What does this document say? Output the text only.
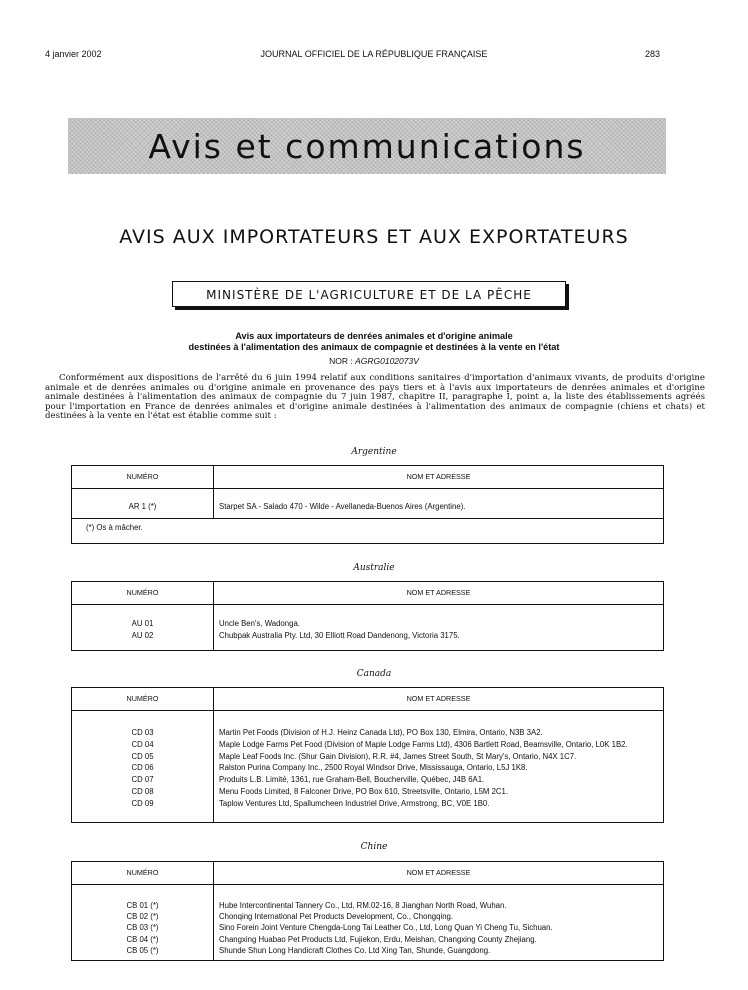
4 janvier 2002	JOURNAL OFFICIEL DE LA RÉPUBLIQUE FRANÇAISE	283
Avis et communications
AVIS AUX IMPORTATEURS ET AUX EXPORTATEURS
MINISTÈRE DE L'AGRICULTURE ET DE LA PÊCHE
Avis aux importateurs de denrées animales et d'origine animale
destinées à l'alimentation des animaux de compagnie et destinées à la vente en l'état
NOR : AGRG0102073V
Conformément aux dispositions de l'arrêté du 6 juin 1994 relatif aux conditions sanitaires d'importation d'animaux vivants, de produits d'origine animale et de denrées animales ou d'origine animale en provenance des pays tiers et à l'avis aux importateurs de denrées animales et d'origine animale destinées à l'alimentation des animaux de compagnie du 7 juin 1987, chapitre II, paragraphe I, point a, la liste des établissements agréés pour l'importation en France de denrées animales et d'origine animale destinées à l'alimentation des animaux de compagnie (chiens et chats) et destinées à la vente en l'état est établie comme suit :
Argentine
NUMÉRO	NOM ET ADRESSE
AR 1 (*)	Starpet SA - Salado 470 - Wilde - Avellaneda-Buenos Aires (Argentine).
(*) Os à mâcher.
Australie
NUMÉRO	NOM ET ADRESSE
AU 01	Uncle Ben's, Wadonga.
AU 02	Chubpak Australia Pty. Ltd, 30 Elliott Road Dandenong, Victoria 3175.
Canada
NUMÉRO	NOM ET ADRESSE
CD 03	Martin Pet Foods (Division of H.J. Heinz Canada Ltd), PO Box 130, Elmira, Ontario, N3B 3A2.
CD 04	Maple Lodge Farms Pet Food (Division of Maple Lodge Farms Ltd), 4306 Bartlett Road, Beamsville, Ontario, L0K 1B2.
CD 05	Maple Leaf Foods Inc. (Shur Gain Division), R.R. #4, James Street South, St Mary's, Ontario, N4X 1C7.
CD 06	Ralston Purina Company Inc., 2500 Royal Windsor Drive, Mississauga, Ontario, L5J 1K8.
CD 07	Produits L.B. Limité, 1361, rue Graham-Bell, Boucherville, Québec, J4B 6A1.
CD 08	Menu Foods Limited, 8 Falconer Drive, PO Box 610, Streetsville, Ontario, L5M 2C1.
CD 09	Taplow Ventures Ltd, Spallumcheen Industriel Drive, Armstrong, BC, V0E 1B0.
Chine
NUMÉRO	NOM ET ADRESSE
CB 01 (*)	Hube Intercontinental Tannery Co., Ltd, RM.02-16, 8 Jianghan North Road, Wuhan.
CB 02 (*)	Chonqing International Pet Products Development, Co., Chongqing.
CB 03 (*)	Sino Forein Joint Venture Chengda-Long Tai Leather Co., Ltd, Long Quan Yi Cheng Tu, Sichuan.
CB 04 (*)	Changxing Huabao Pet Products Ltd, Fujiekon, Erdu, Meishan, Changxing County Zhejiang.
CB 05 (*)	Shunde Shun Long Handicraft Clothes Co. Ltd Xing Tan, Shunde, Guangdong.
